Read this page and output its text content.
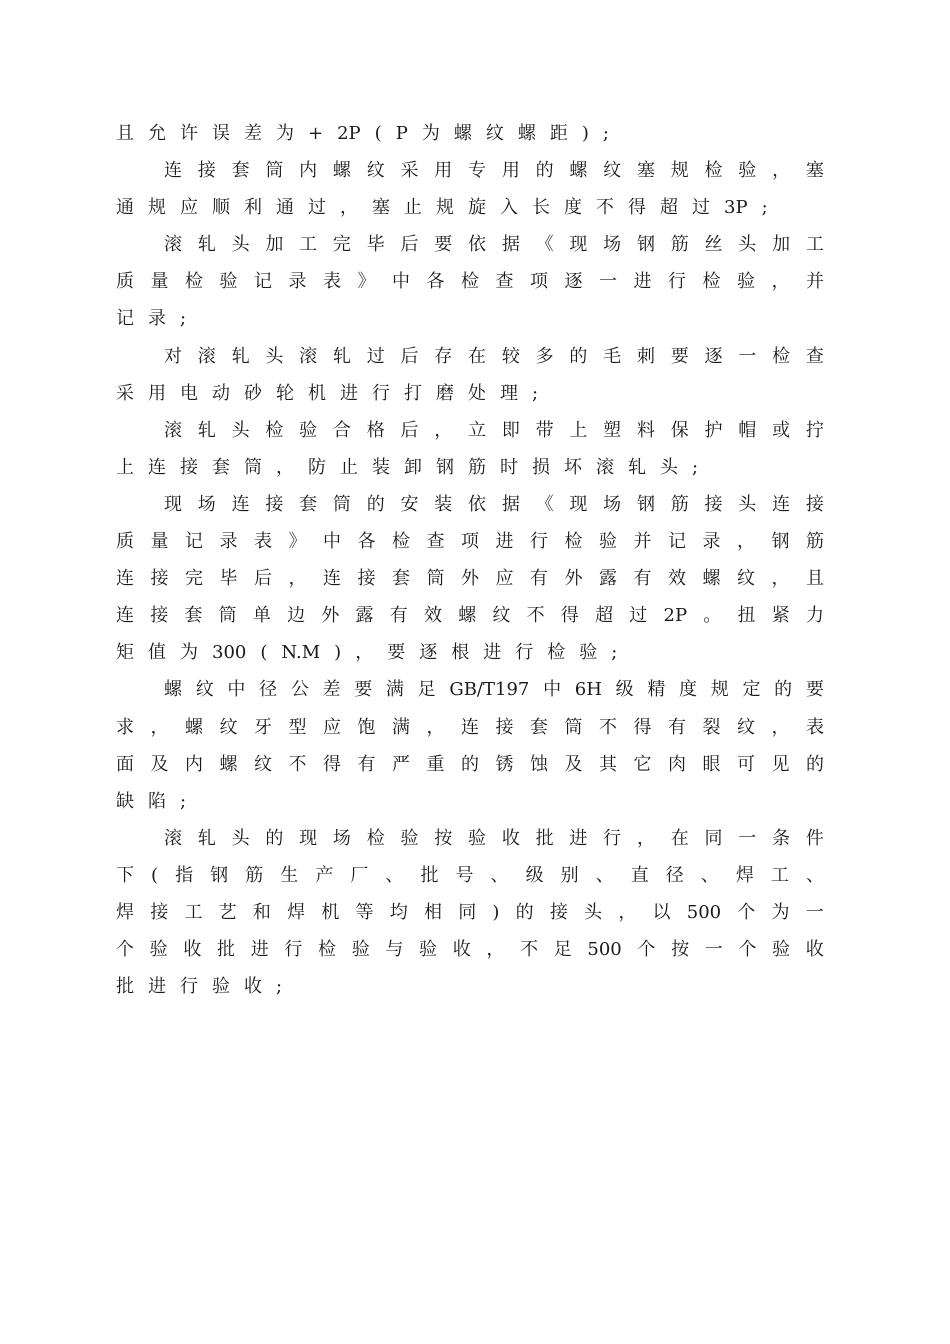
且 允 许 误 差 为 + 2P ( P 为 螺 纹 螺 距 ) ;
连 接 套 筒 内 螺 纹 采 用 专 用 的 螺 纹 塞 规 检 验 ， 塞
通 规 应 顺 利 通 过 ， 塞 止 规 旋 入 长 度 不 得 超 过 3P ;
滚 轧 头 加 工 完 毕 后 要 依 据 《 现 场 钢 筋 丝 头 加 工
质 量 检 验 记 录 表 》 中 各 检 查 项 逐 一 进 行 检 验 ， 并
记 录 ;
对 滚 轧 头 滚 轧 过 后 存 在 较 多 的 毛 刺 要 逐 一 检 查
采 用 电 动 砂 轮 机 进 行 打 磨 处 理 ;
滚 轧 头 检 验 合 格 后 ， 立 即 带 上 塑 料 保 护 帽 或 拧
上 连 接 套 筒 ， 防 止 装 卸 钢 筋 时 损 坏 滚 轧 头 ;
现 场 连 接 套 筒 的 安 装 依 据 《 现 场 钢 筋 接 头 连 接
质 量 记 录 表 》 中 各 检 查 项 进 行 检 验 并 记 录 ， 钢 筋
连 接 完 毕 后 ， 连 接 套 筒 外 应 有 外 露 有 效 螺 纹 ， 且
连 接 套 筒 单 边 外 露 有 效 螺 纹 不 得 超 过 2P 。 扭 紧 力
矩 值 为 300 ( N.M ) ， 要 逐 根 进 行 检 验 ;
螺 纹 中 径 公 差 要 满 足 GB/T197 中 6H 级 精 度 规 定 的 要
求 ， 螺 纹 牙 型 应 饱 满 ， 连 接 套 筒 不 得 有 裂 纹 ， 表
面 及 内 螺 纹 不 得 有 严 重 的 锈 蚀 及 其 它 肉 眼 可 见 的
缺 陷 ;
滚 轧 头 的 现 场 检 验 按 验 收 批 进 行 ， 在 同 一 条 件
下 ( 指 钢 筋 生 产 厂 、 批 号 、 级 别 、 直 径 、 焊 工 、
焊 接 工 艺 和 焊 机 等 均 相 同 ) 的 接 头 ， 以 500 个 为 一
个 验 收 批 进 行 检 验 与 验 收 ， 不 足 500 个 按 一 个 验 收
批 进 行 验 收 ;
